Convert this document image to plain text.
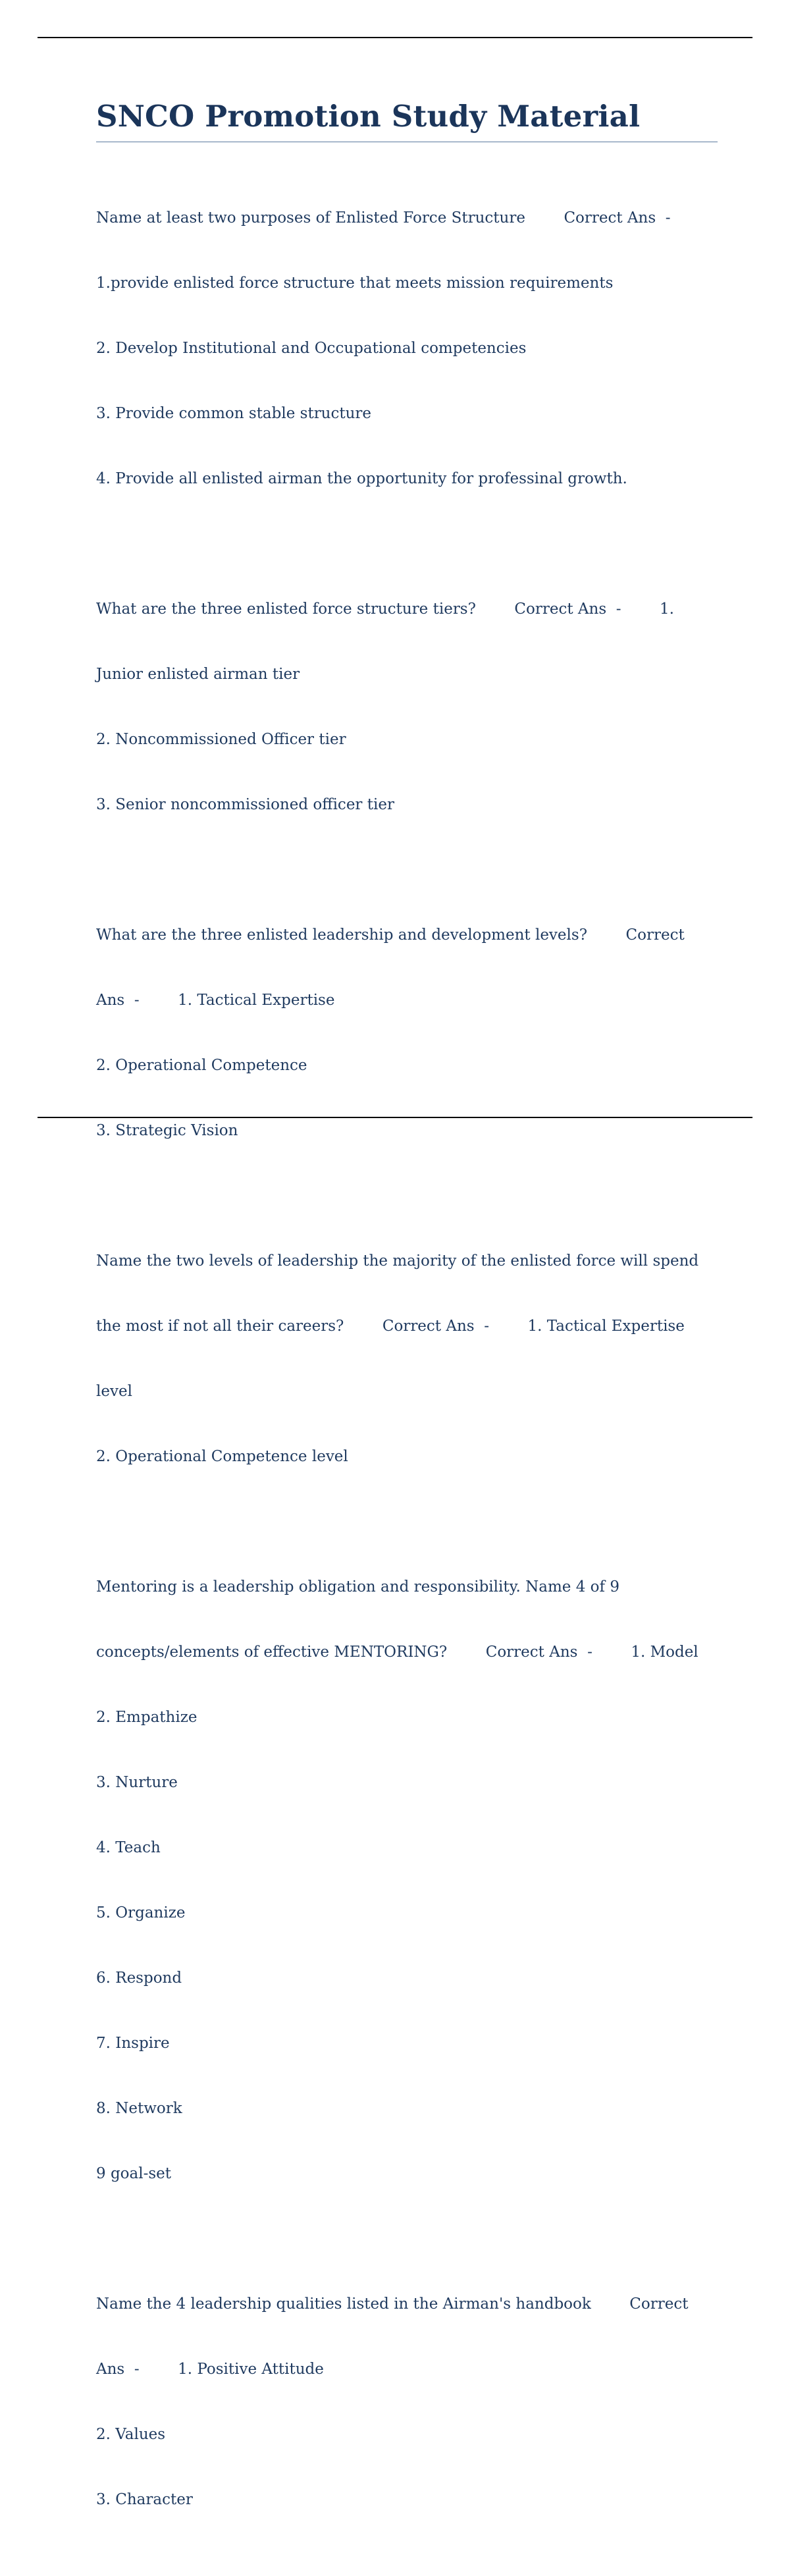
SNCO Promotion Study Material

Name at least two purposes of Enlisted Force Structure        Correct Ans  -

1.provide enlisted force structure that meets mission requirements

2. Develop Institutional and Occupational competencies

3. Provide common stable structure

4. Provide all enlisted airman the opportunity for professinal growth.

What are the three enlisted force structure tiers?        Correct Ans  -        1.

Junior enlisted airman tier

2. Noncommissioned Officer tier

3. Senior noncommissioned officer tier

What are the three enlisted leadership and development levels?        Correct

Ans  -        1. Tactical Expertise

2. Operational Competence

3. Strategic Vision

Name the two levels of leadership the majority of the enlisted force will spend

the most if not all their careers?        Correct Ans  -        1. Tactical Expertise

level

2. Operational Competence level

Mentoring is a leadership obligation and responsibility. Name 4 of 9

concepts/elements of effective MENTORING?        Correct Ans  -        1. Model

2. Empathize

3. Nurture

4. Teach

5. Organize

6. Respond

7. Inspire

8. Network

9 goal-set

Name the 4 leadership qualities listed in the Airman's handbook        Correct

Ans  -        1. Positive Attitude

2. Values

3. Character
